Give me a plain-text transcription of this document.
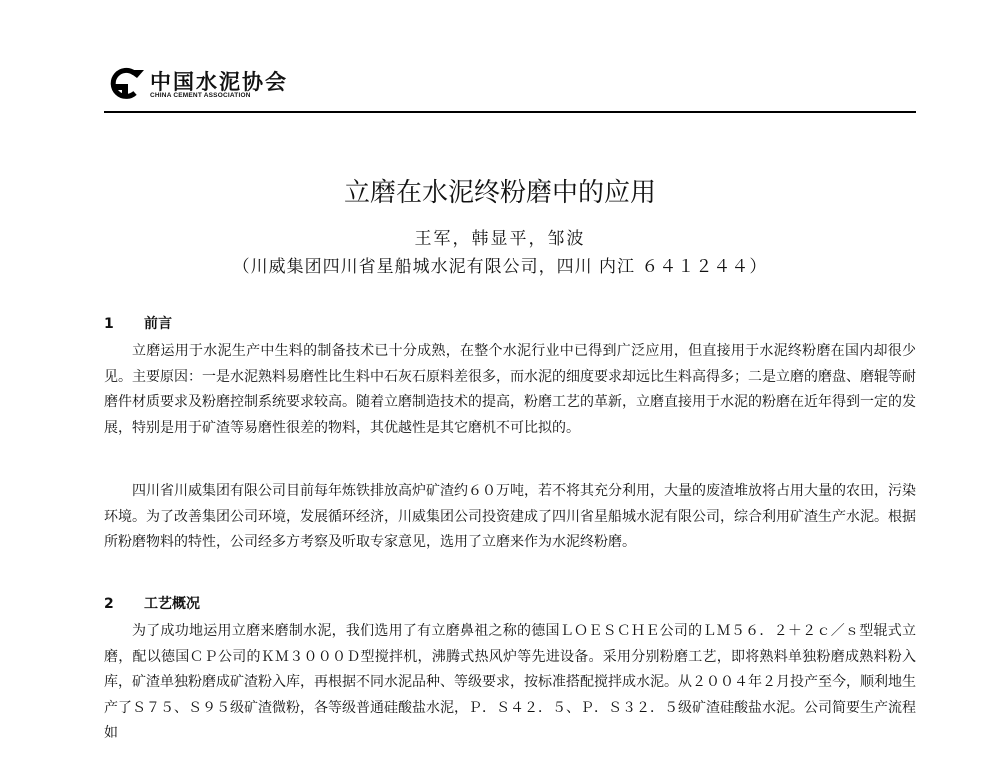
中国水泥协会
CHINA CEMENT ASSOCIATION
立磨在水泥终粉磨中的应用
王军，韩显平，邹波
（川威集团四川省星船城水泥有限公司，四川 内江 ６４１２４４）
1 前言

立磨运用于水泥生产中生料的制备技术已十分成熟，在整个水泥行业中已得到广泛应用，但直接用于水泥终粉磨在国内却很少见。主要原因：一是水泥熟料易磨性比生料中石灰石原料差很多，而水泥的细度要求却远比生料高得多；二是立磨的磨盘、磨辊等耐磨件材质要求及粉磨控制系统要求较高。随着立磨制造技术的提高，粉磨工艺的革新，立磨直接用于水泥的粉磨在近年得到一定的发展，特别是用于矿渣等易磨性很差的物料，其优越性是其它磨机不可比拟的。

四川省川威集团有限公司目前每年炼铁排放高炉矿渣约６０万吨，若不将其充分利用，大量的废渣堆放将占用大量的农田，污染环境。为了改善集团公司环境，发展循环经济，川威集团公司投资建成了四川省星船城水泥有限公司，综合利用矿渣生产水泥。根据所粉磨物料的特性，公司经多方考察及听取专家意见，选用了立磨来作为水泥终粉磨。

2 工艺概况

为了成功地运用立磨来磨制水泥，我们选用了有立磨鼻祖之称的德国ＬＯＥＳＣＨＥ公司的ＬＭ５６．２＋２ｃ／ｓ型辊式立磨，配以德国ＣＰ公司的ＫＭ３０００Ｄ型搅拌机，沸腾式热风炉等先进设备。采用分别粉磨工艺，即将熟料单独粉磨成熟料粉入库，矿渣单独粉磨成矿渣粉入库，再根据不同水泥品种、等级要求，按标准搭配搅拌成水泥。从２００４年２月投产至今，顺利地生产了Ｓ７５、Ｓ９５级矿渣微粉，各等级普通硅酸盐水泥，Ｐ．Ｓ４２．５、Ｐ．Ｓ３２．５级矿渣硅酸盐水泥。公司简要生产流程如
